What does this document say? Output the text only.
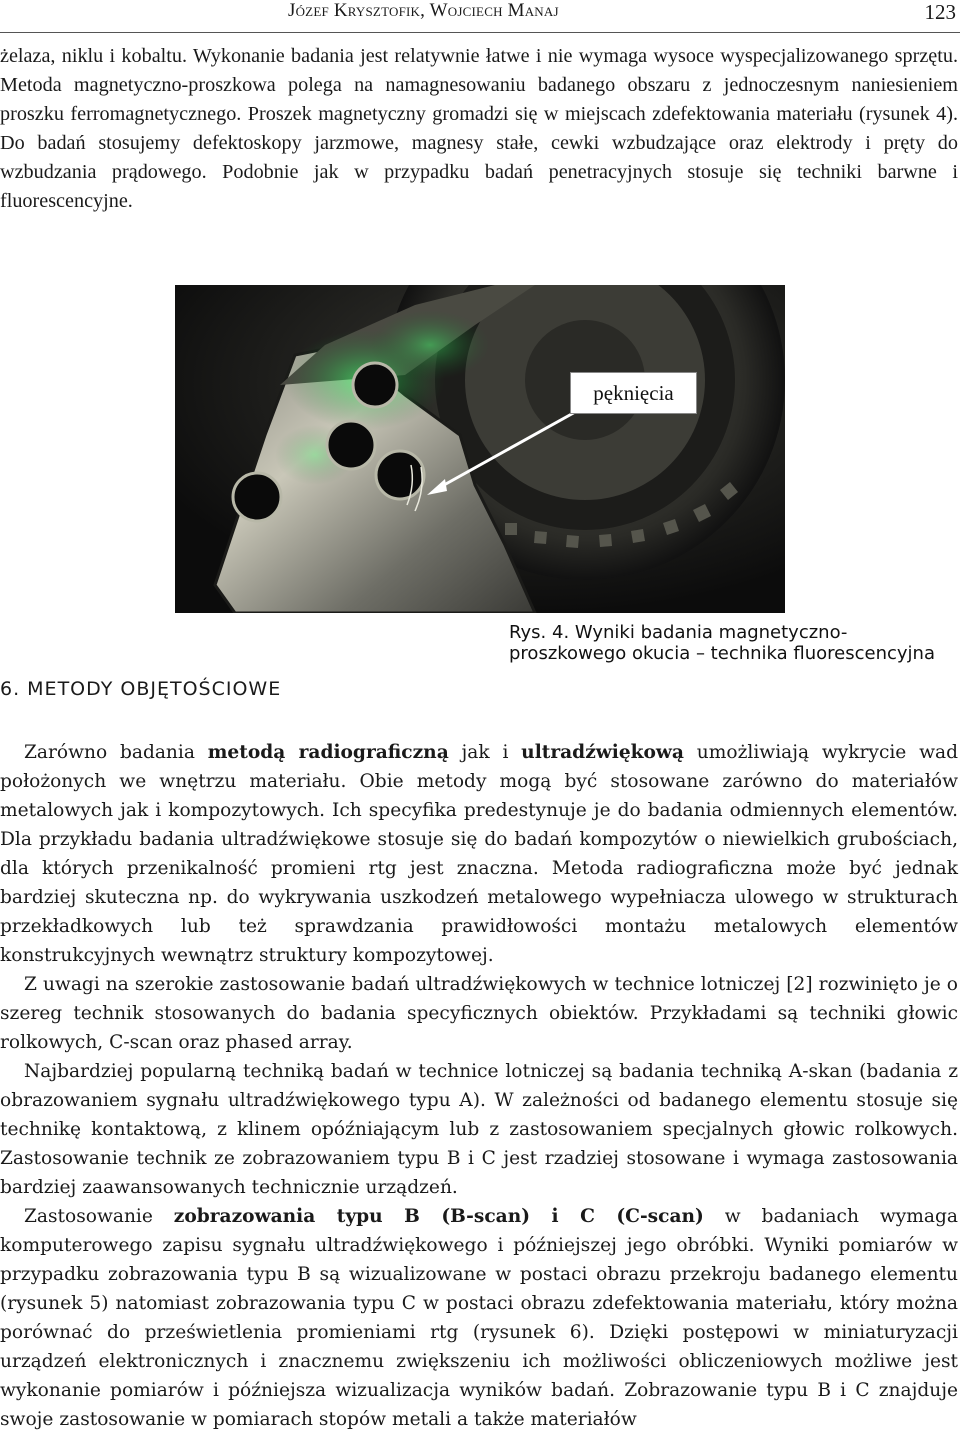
Józef Krysztofik, Wojciech Manaj	123

żelaza, niklu i kobaltu. Wykonanie badania jest relatywnie łatwe i nie wymaga wysoce wyspecjalizowanego sprzętu. Metoda magnetyczno-proszkowa polega na namagnesowaniu badanego obszaru z jednoczesnym naniesieniem proszku ferromagnetycznego. Proszek magnetyczny gromadzi się w miejscach zdefektowania materiału (rysunek 4). Do badań stosujemy defektoskopy jarzmowe, magnesy stałe, cewki wzbudzające oraz elektrody i pręty do wzbudzania prądowego. Podobnie jak w przypadku badań penetracyjnych stosuje się techniki barwne i fluorescencyjne.

pęknięcia
Rys. 4. Wyniki badania magnetyczno-proszkowego okucia – technika fluorescencyjna
6. METODY OBJĘTOŚCIOWE

Zarówno badania metodą radiograficzną jak i ultradźwiękową umożliwiają wykrycie wad położonych we wnętrzu materiału. Obie metody mogą być stosowane zarówno do materiałów metalowych jak i kompozytowych. Ich specyfika predestynuje je do badania odmiennych elementów. Dla przykładu badania ultradźwiękowe stosuje się do badań kompozytów o niewielkich grubościach, dla których przenikalność promieni rtg jest znaczna. Metoda radiograficzna może być jednak bardziej skuteczna np. do wykrywania uszkodzeń metalowego wypełniacza ulowego w strukturach przekładkowych lub też sprawdzania prawidłowości montażu metalowych elementów konstrukcyjnych wewnątrz struktury kompozytowej.

Z uwagi na szerokie zastosowanie badań ultradźwiękowych w technice lotniczej [2] rozwinięto je o szereg technik stosowanych do badania specyficznych obiektów. Przykładami są techniki głowic rolkowych, C-scan oraz phased array.

Najbardziej popularną techniką badań w technice lotniczej są badania techniką A-skan (badania z obrazowaniem sygnału ultradźwiękowego typu A). W zależności od badanego elementu stosuje się technikę kontaktową, z klinem opóźniającym lub z zastosowaniem specjalnych głowic rolkowych. Zastosowanie technik ze zobrazowaniem typu B i C jest rzadziej stosowane i wymaga zastosowania bardziej zaawansowanych technicznie urządzeń.

Zastosowanie zobrazowania typu B (B-scan) i C (C-scan) w badaniach wymaga komputerowego zapisu sygnału ultradźwiękowego i późniejszej jego obróbki. Wyniki pomiarów w przypadku zobrazowania typu B są wizualizowane w postaci obrazu przekroju badanego elementu (rysunek 5) natomiast zobrazowania typu C w postaci obrazu zdefektowania materiału, który można porównać do prześwietlenia promieniami rtg (rysunek 6). Dzięki postępowi w miniaturyzacji urządzeń elektronicznych i znacznemu zwiększeniu ich możliwości obliczeniowych możliwe jest wykonanie pomiarów i późniejsza wizualizacja wyników badań. Zobrazowanie typu B i C znajduje swoje zastosowanie w pomiarach stopów metali a także materiałów
